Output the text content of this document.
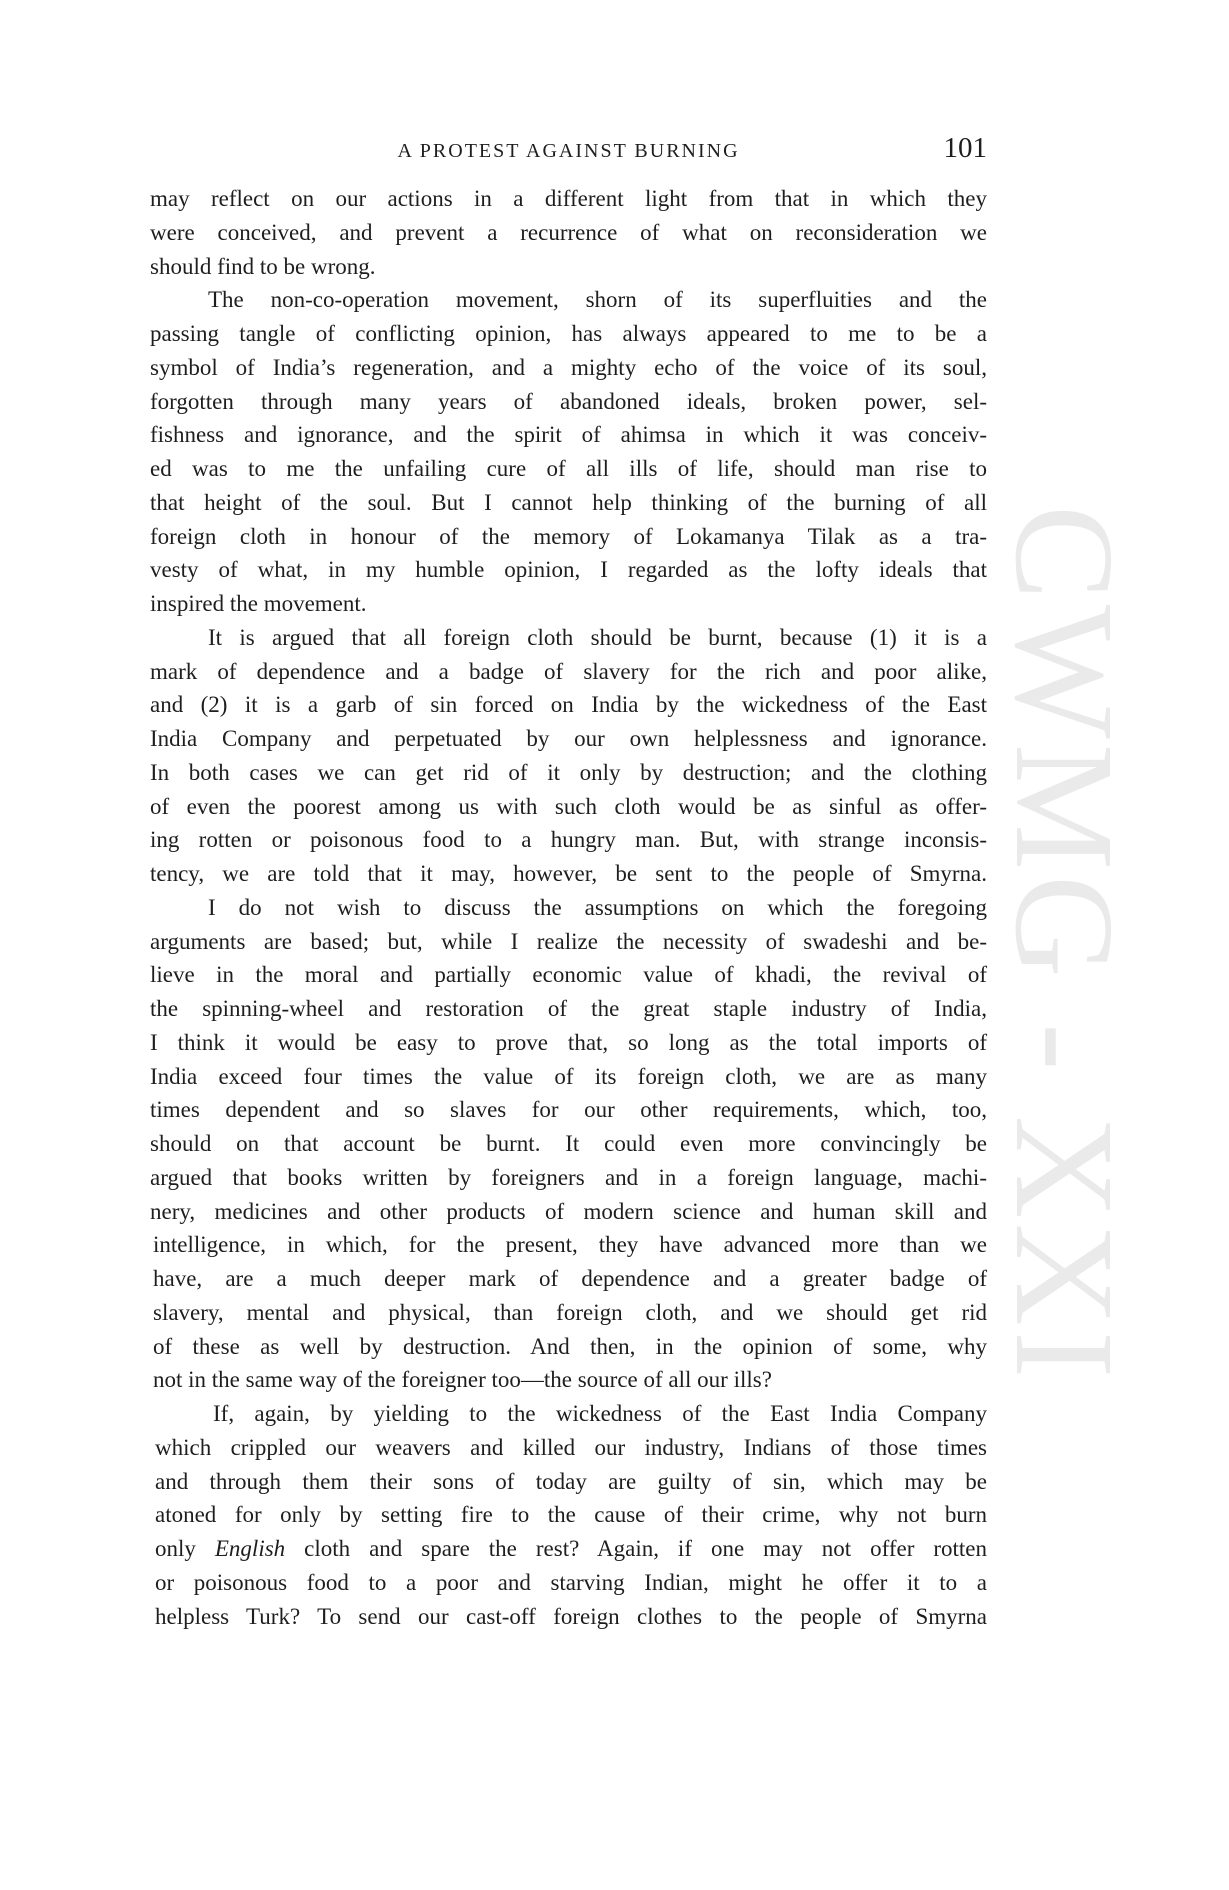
A PROTEST AGAINST BURNING	101
CWMG - XXI
may reflect on our actions in a different light from that in which they
were conceived, and prevent a recurrence of what on reconsideration we
should find to be wrong.
The non-co-operation movement, shorn of its superfluities and the
passing tangle of conflicting opinion, has always appeared to me to be a
symbol of India’s regeneration, and a mighty echo of the voice of its soul,
forgotten through many years of abandoned ideals, broken power, sel-
fishness and ignorance, and the spirit of ahimsa in which it was conceiv-
ed was to me the unfailing cure of all ills of life, should man rise to
that height of the soul. But I cannot help thinking of the burning of all
foreign cloth in honour of the memory of Lokamanya Tilak as a tra-
vesty of what, in my humble opinion, I regarded as the lofty ideals that
inspired the movement.
It is argued that all foreign cloth should be burnt, because (1) it is a
mark of dependence and a badge of slavery for the rich and poor alike,
and (2) it is a garb of sin forced on India by the wickedness of the East
India Company and perpetuated by our own helplessness and ignorance.
In both cases we can get rid of it only by destruction; and the clothing
of even the poorest among us with such cloth would be as sinful as offer-
ing rotten or poisonous food to a hungry man. But, with strange inconsis-
tency, we are told that it may, however, be sent to the people of Smyrna.
I do not wish to discuss the assumptions on which the foregoing
arguments are based; but, while I realize the necessity of swadeshi and be-
lieve in the moral and partially economic value of khadi, the revival of
the spinning-wheel and restoration of the great staple industry of India,
I think it would be easy to prove that, so long as the total imports of
India exceed four times the value of its foreign cloth, we are as many
times dependent and so slaves for our other requirements, which, too,
should on that account be burnt. It could even more convincingly be
argued that books written by foreigners and in a foreign language, machi-
nery, medicines and other products of modern science and human skill and
intelligence, in which, for the present, they have advanced more than we
have, are a much deeper mark of dependence and a greater badge of
slavery, mental and physical, than foreign cloth, and we should get rid
of these as well by destruction. And then, in the opinion of some, why
not in the same way of the foreigner too—the source of all our ills?
If, again, by yielding to the wickedness of the East India Company
which crippled our weavers and killed our industry, Indians of those times
and through them their sons of today are guilty of sin, which may be
atoned for only by setting fire to the cause of their crime, why not burn
only English cloth and spare the rest? Again, if one may not offer rotten
or poisonous food to a poor and starving Indian, might he offer it to a
helpless Turk? To send our cast-off foreign clothes to the people of Smyrna
